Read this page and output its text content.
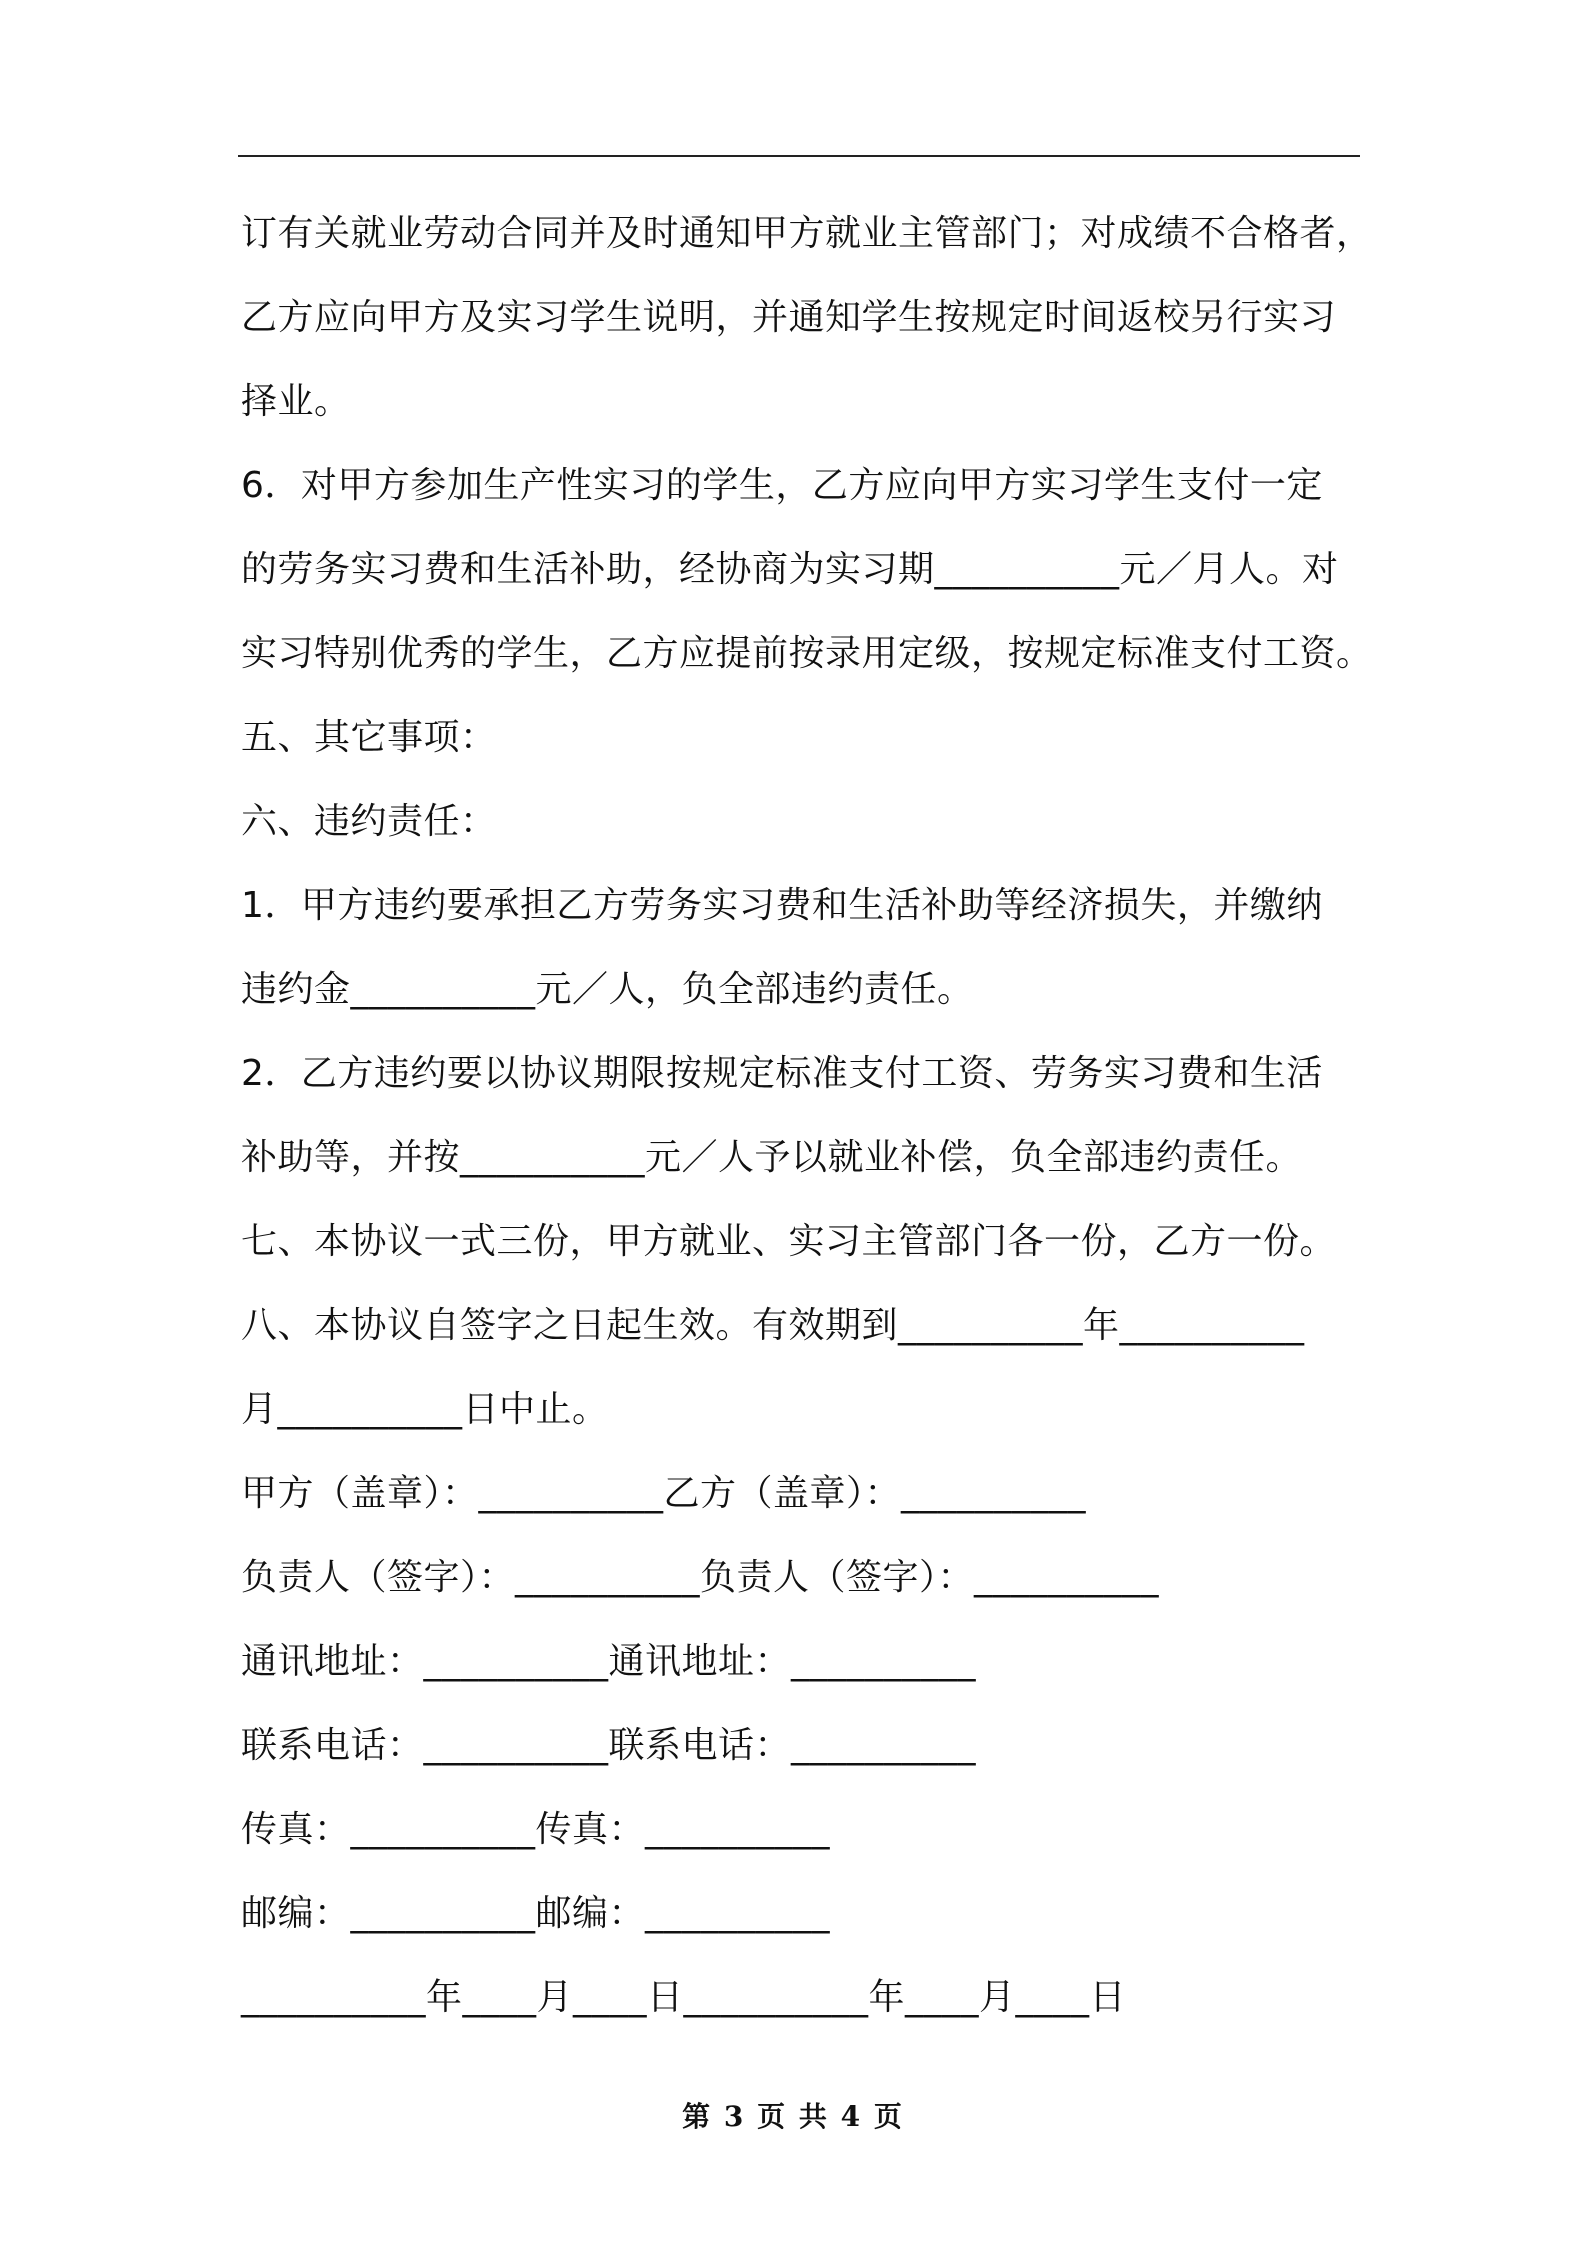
订有关就业劳动合同并及时通知甲方就业主管部门；对成绩不合格者，
乙方应向甲方及实习学生说明，并通知学生按规定时间返校另行实习
择业。
6．对甲方参加生产性实习的学生，乙方应向甲方实习学生支付一定
的劳务实习费和生活补助，经协商为实习期__________元／月人。对
实习特别优秀的学生，乙方应提前按录用定级，按规定标准支付工资。
五、其它事项：
六、违约责任：
1．甲方违约要承担乙方劳务实习费和生活补助等经济损失，并缴纳
违约金__________元／人，负全部违约责任。
2．乙方违约要以协议期限按规定标准支付工资、劳务实习费和生活
补助等，并按__________元／人予以就业补偿，负全部违约责任。
七、本协议一式三份，甲方就业、实习主管部门各一份，乙方一份。
八、本协议自签字之日起生效。有效期到__________年__________
月__________日中止。
甲方（盖章）：__________乙方（盖章）：__________
负责人（签字）：__________负责人（签字）：__________
通讯地址：__________通讯地址：__________
联系电话：__________联系电话：__________
传真：__________传真：__________
邮编：__________邮编：__________
__________年____月____日__________年____月____日
第 3 页 共 4 页
